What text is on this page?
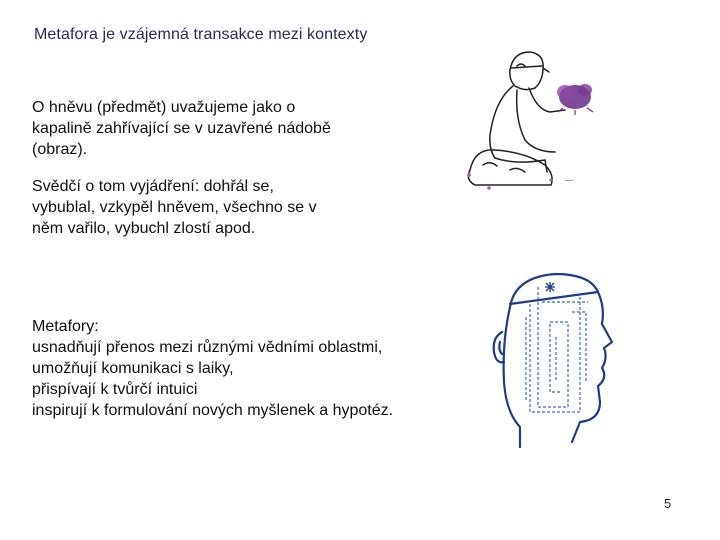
Metafora je vzájemná transakce mezi kontexty
O hněvu (předmět) uvažujeme jako o
kapalině zahřívající se v uzavřené nádobě
(obraz).
Svědčí o tom vyjádření: dohřál se,
vybublal, vzkypěl hněvem, všechno se v
něm vařilo, vybuchl zlostí apod.
Metafory:
usnadňují přenos mezi různými vědními oblastmi,
umožňují komunikaci s laiky,
přispívají k tvůrčí intuici
inspirují k formulování nových myšlenek a hypotéz.
~~
5
